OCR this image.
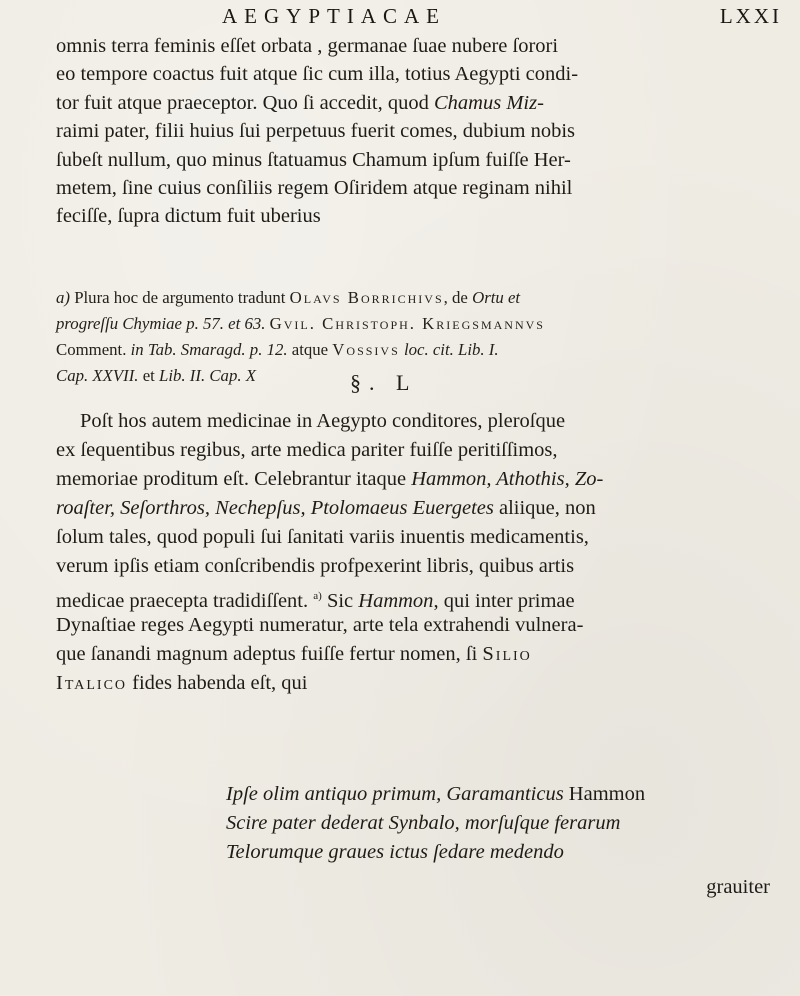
AEGYPTIACAE	LXXI
omnis terra feminis eſſet orbata , germanae ſuae nubere ſorori
eo tempore coactus fuit atque ſic cum illa, totius Aegypti condi-
tor fuit atque praeceptor. Quo ſi accedit, quod Chamus Miz-
raimi pater, filii huius ſui perpetuus fuerit comes, dubium nobis
ſubeſt nullum, quo minus ſtatuamus Chamum ipſum fuiſſe Her-
metem, ſine cuius conſiliis regem Oſiridem atque reginam nihil
feciſſe, ſupra dictum fuit uberius
a) Plura hoc de argumento tradunt Olavs Borrichivs, de Ortu et
progreſſu Chymiae p. 57. et 63. Gvil. Christoph. Kriegsmannvs
Comment. in Tab. Smaragd. p. 12. atque Vossivs loc. cit. Lib. I.
Cap. XXVII. et Lib. II. Cap. X	§. L
Poſt hos autem medicinae in Aegypto conditores, pleroſque
ex ſequentibus regibus, arte medica pariter fuiſſe peritiſſimos,
memoriae proditum eſt. Celebrantur itaque Hammon, Athothis, Zo-
roaſter, Seſorthros, Nechepſus, Ptolomaeus Euergetes aliique, non
ſolum tales, quod populi ſui ſanitati variis inuentis medicamentis,
verum ipſis etiam conſcribendis profpexerint libris, quibus artis
medicae praecepta tradidiſſent. $^{a)}$ Sic Hammon, qui inter primae
Dynaſtiae reges Aegypti numeratur, arte tela extrahendi vulnera-
que ſanandi magnum adeptus fuiſſe fertur nomen, ſi Silio
Italico fides habenda eſt, qui
Ipſe olim antiquo primum, Garamanticus Hammon
Scire pater dederat Synbalo, morſuſque ferarum
Telorumque graues ictus ſedare medendo
grauiter
